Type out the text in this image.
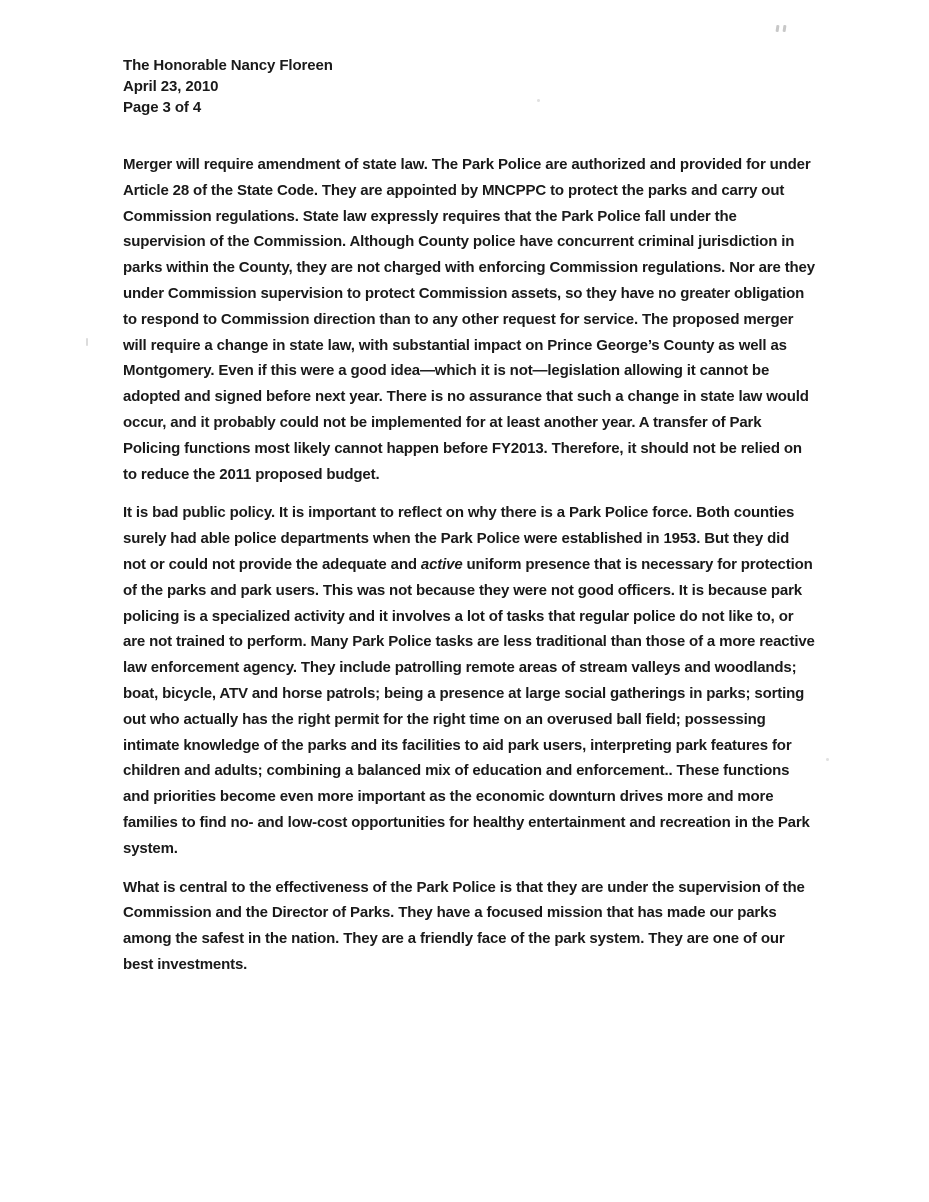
The Honorable Nancy Floreen
April 23, 2010
Page 3 of 4

Merger will require amendment of state law. The Park Police are authorized and provided for under Article 28 of the State Code. They are appointed by MNCPPC to protect the parks and carry out Commission regulations. State law expressly requires that the Park Police fall under the supervision of the Commission. Although County police have concurrent criminal jurisdiction in parks within the County, they are not charged with enforcing Commission regulations. Nor are they under Commission supervision to protect Commission assets, so they have no greater obligation to respond to Commission direction than to any other request for service. The proposed merger will require a change in state law, with substantial impact on Prince George’s County as well as Montgomery. Even if this were a good idea—which it is not—legislation allowing it cannot be adopted and signed before next year. There is no assurance that such a change in state law would occur, and it probably could not be implemented for at least another year. A transfer of Park Policing functions most likely cannot happen before FY2013. Therefore, it should not be relied on to reduce the 2011 proposed budget.

It is bad public policy. It is important to reflect on why there is a Park Police force. Both counties surely had able police departments when the Park Police were established in 1953. But they did not or could not provide the adequate and active uniform presence that is necessary for protection of the parks and park users. This was not because they were not good officers. It is because park policing is a specialized activity and it involves a lot of tasks that regular police do not like to, or are not trained to perform. Many Park Police tasks are less traditional than those of a more reactive law enforcement agency. They include patrolling remote areas of stream valleys and woodlands; boat, bicycle, ATV and horse patrols; being a presence at large social gatherings in parks; sorting out who actually has the right permit for the right time on an overused ball field; possessing intimate knowledge of the parks and its facilities to aid park users, interpreting park features for children and adults; combining a balanced mix of education and enforcement.. These functions and priorities become even more important as the economic downturn drives more and more families to find no- and low-cost opportunities for healthy entertainment and recreation in the Park system.

What is central to the effectiveness of the Park Police is that they are under the supervision of the Commission and the Director of Parks. They have a focused mission that has made our parks among the safest in the nation. They are a friendly face of the park system. They are one of our best investments.
